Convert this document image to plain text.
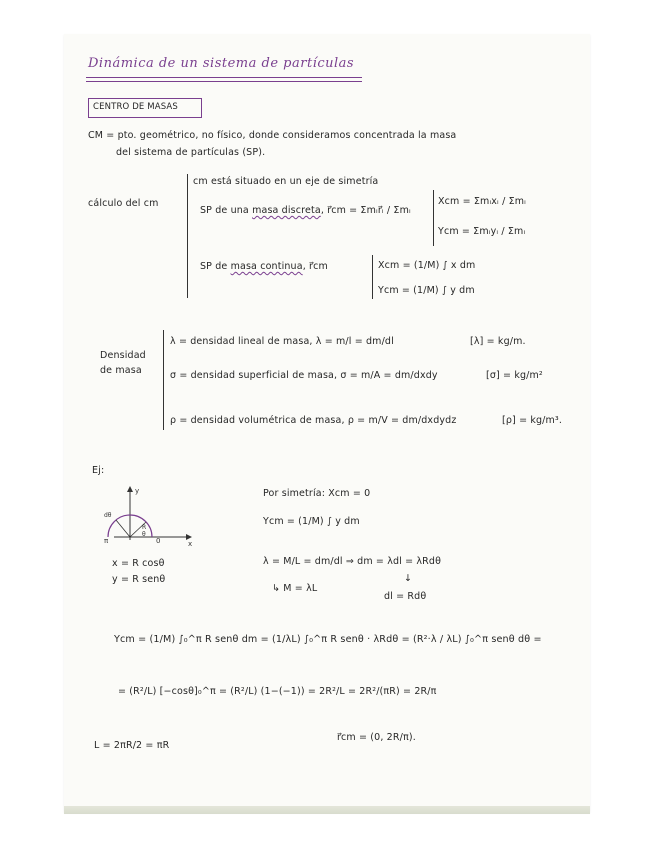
Dinámica de un sistema de partículas
CENTRO DE MASAS
CM = pto. geométrico, no físico, donde consideramos concentrada la masa
del sistema de partículas (SP).
cálculo del cm
cm está situado en un eje de simetría
SP de una masa discreta, r⃗cm = Σmᵢr⃗ᵢ / Σmᵢ
Xcm = Σmᵢxᵢ / Σmᵢ
Ycm = Σmᵢyᵢ / Σmᵢ
SP de masa continua, r⃗cm	Xcm = (1/M) ∫ x dm
Ycm = (1/M) ∫ y dm
Densidad
de masa
λ = densidad lineal de masa, λ = m/l = dm/dl	[λ] = kg/m.
σ = densidad superficial de masa, σ = m/A = dm/dxdy	[σ] = kg/m²
ρ = densidad volumétrica de masa, ρ = m/V = dm/dxdydz	[ρ] = kg/m³.
Ej:
y
x
π	0
dθ
R
θ
x = R cosθ
y = R senθ
Por simetría: Xcm = 0
Ycm = (1/M) ∫ y dm
λ = M/L = dm/dl ⇒ dm = λdl = λRdθ
↳ M = λL
↓
dl = Rdθ
Ycm = (1/M) ∫₀^π R senθ dm = (1/λL) ∫₀^π R senθ · λRdθ = (R²·λ / λL) ∫₀^π senθ dθ =
= (R²/L) [−cosθ]₀^π = (R²/L) (1−(−1)) = 2R²/L = 2R²/(πR) = 2R/π
L = 2πR/2 = πR
r⃗cm = (0, 2R/π).
